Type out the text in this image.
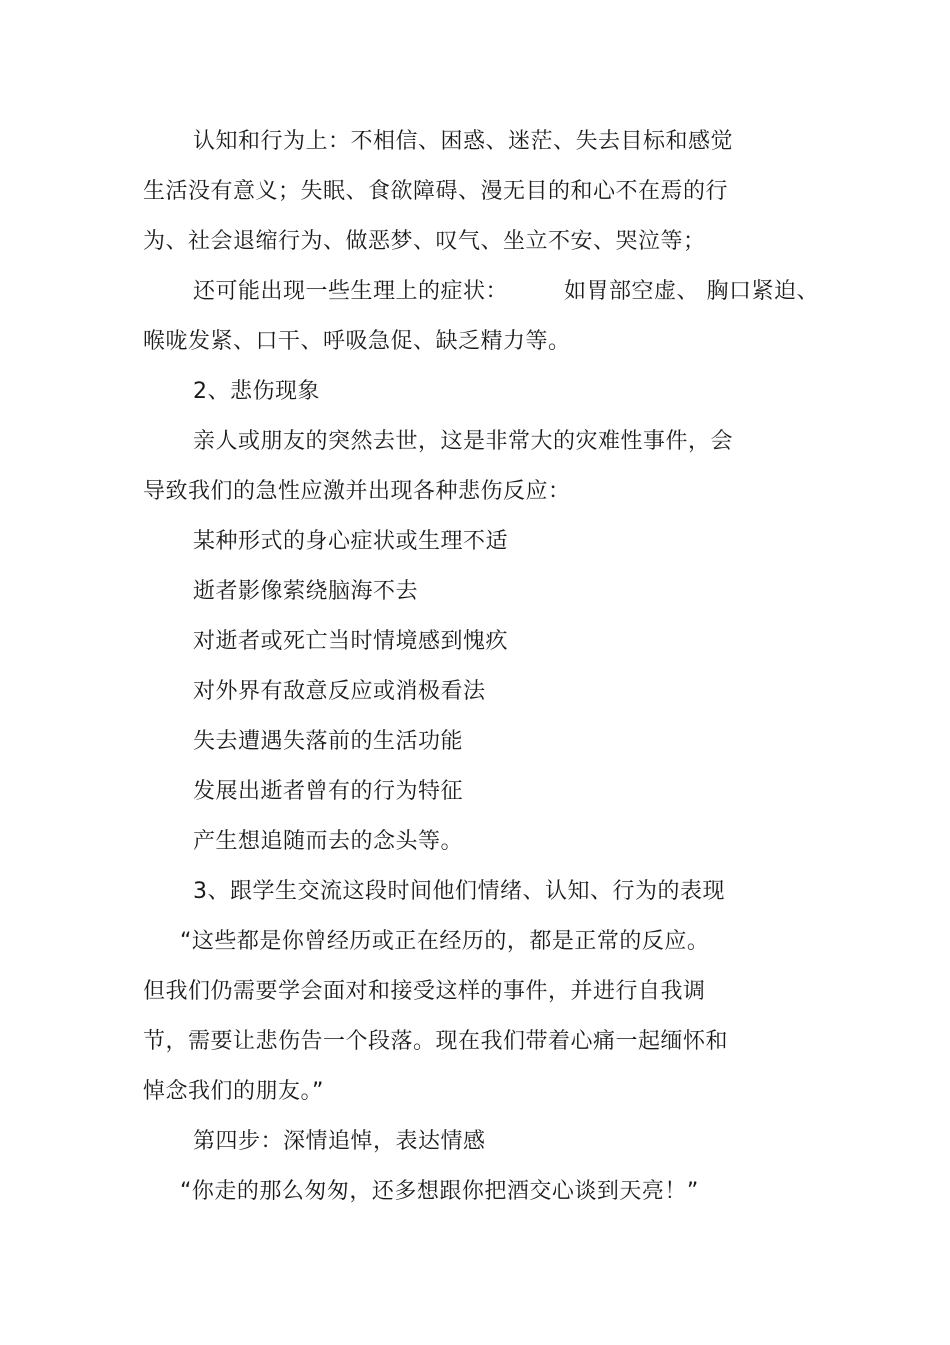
认知和行为上：不相信、困惑、迷茫、失去目标和感觉
生活没有意义；失眠、食欲障碍、漫无目的和心不在焉的行
为、社会退缩行为、做恶梦、叹气、坐立不安、哭泣等；
还可能出现一些生理上的症状：	如胃部空虚、 胸口紧迫、
喉咙发紧、口干、呼吸急促、缺乏精力等。
2、悲伤现象
亲人或朋友的突然去世，这是非常大的灾难性事件，会
导致我们的急性应激并出现各种悲伤反应：
某种形式的身心症状或生理不适
逝者影像萦绕脑海不去
对逝者或死亡当时情境感到愧疚
对外界有敌意反应或消极看法
失去遭遇失落前的生活功能
发展出逝者曾有的行为特征
产生想追随而去的念头等。
3、跟学生交流这段时间他们情绪、认知、行为的表现
“这些都是你曾经历或正在经历的，都是正常的反应。
但我们仍需要学会面对和接受这样的事件，并进行自我调
节，需要让悲伤告一个段落。现在我们带着心痛一起缅怀和
悼念我们的朋友。”
第四步：深情追悼，表达情感
“你走的那么匆匆，还多想跟你把酒交心谈到天亮！”
